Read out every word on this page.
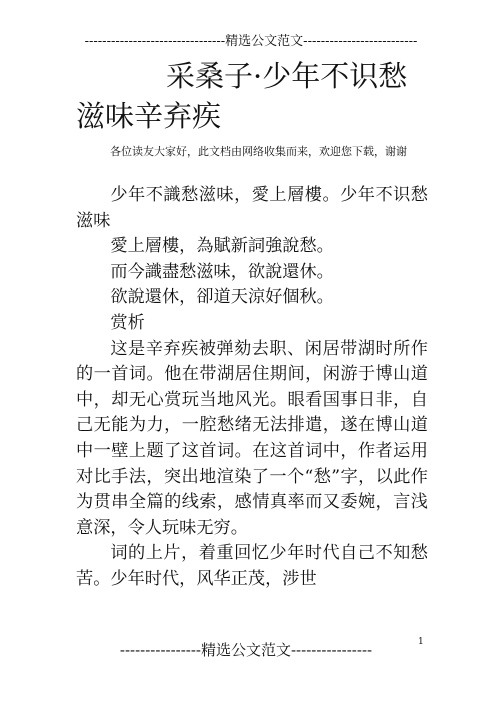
--------------------------------精选公文范文--------------------------
采桑子·少年不识愁滋味辛弃疾
各位读友大家好，此文档由网络收集而来，欢迎您下载，谢谢

少年不識愁滋味，愛上層樓。少年不识愁滋味

愛上層樓，為賦新詞強說愁。

而今識盡愁滋味，欲說還休。

欲說還休，卻道天涼好個秋。

赏析

这是辛弃疾被弹劾去职、闲居带湖时所作的一首词。他在带湖居住期间，闲游于博山道中，却无心赏玩当地风光。眼看国事日非，自己无能为力，一腔愁绪无法排遣，遂在博山道中一壁上题了这首词。在这首词中，作者运用对比手法，突出地渲染了一个“愁”字，以此作为贯串全篇的线索，感情真率而又委婉，言浅意深，令人玩味无穷。

词的上片，着重回忆少年时代自己不知愁苦。少年时代，风华正茂，涉世

1
----------------精选公文范文----------------
